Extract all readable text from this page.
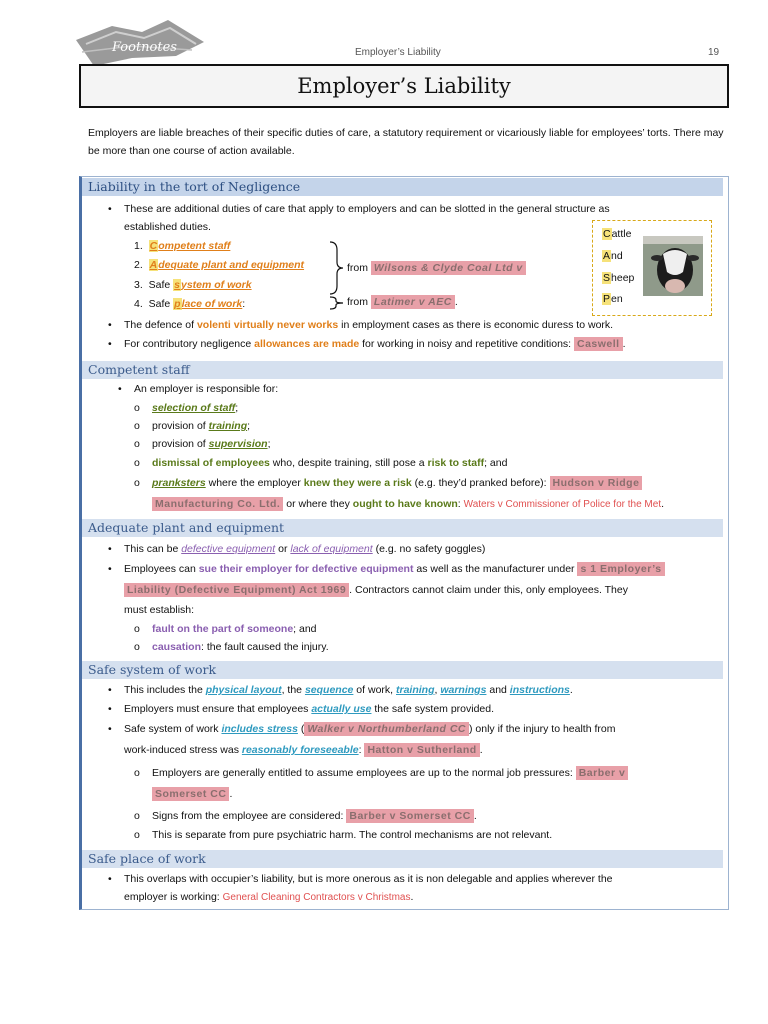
Footnotes	Employer’s Liability	19
Employer’s Liability
Employers are liable breaches of their specific duties of care, a statutory requirement or vicariously liable for employees’ torts. There may be more than one course of action available.
Liability in the tort of Negligence
• These are additional duties of care that apply to employers and can be slotted in the general structure as
established duties.
1. Competent staff
2. Adequate plant and equipment
3. Safe system of work
4. Safe place of work:
from Wilsons & Clyde Coal Ltd v
from Latimer v AEC .
Cattle
And
Sheep
Pen
• The defence of volenti virtually never works in employment cases as there is economic duress to work.
• For contributory negligence allowances are made for working in noisy and repetitive conditions: Caswell .
Competent staff
• An employer is responsible for:
o selection of staff;
o provision of training;
o provision of supervision;
o dismissal of employees who, despite training, still pose a risk to staff; and
o pranksters where the employer knew they were a risk (e.g. they’d pranked before): Hudson v Ridge
Manufacturing Co. Ltd. or where they ought to have known: Waters v Commissioner of Police for the Met.
Adequate plant and equipment
• This can be defective equipment or lack of equipment (e.g. no safety goggles)
• Employees can sue their employer for defective equipment as well as the manufacturer under s 1 Employer’s
Liability (Defective Equipment) Act 1969 . Contractors cannot claim under this, only employees. They
must establish:
o fault on the part of someone; and
o causation: the fault caused the injury.
Safe system of work
• This includes the physical layout, the sequence of work, training, warnings and instructions.
• Employers must ensure that employees actually use the safe system provided.
• Safe system of work includes stress ( Walker v Northumberland CC ) only if the injury to health from
work-induced stress was reasonably foreseeable: Hatton v Sutherland .
o Employers are generally entitled to assume employees are up to the normal job pressures: Barber v
Somerset CC .
o Signs from the employee are considered: Barber v Somerset CC .
o This is separate from pure psychiatric harm. The control mechanisms are not relevant.
Safe place of work
• This overlaps with occupier’s liability, but is more onerous as it is non delegable and applies wherever the
employer is working: General Cleaning Contractors v Christmas.
